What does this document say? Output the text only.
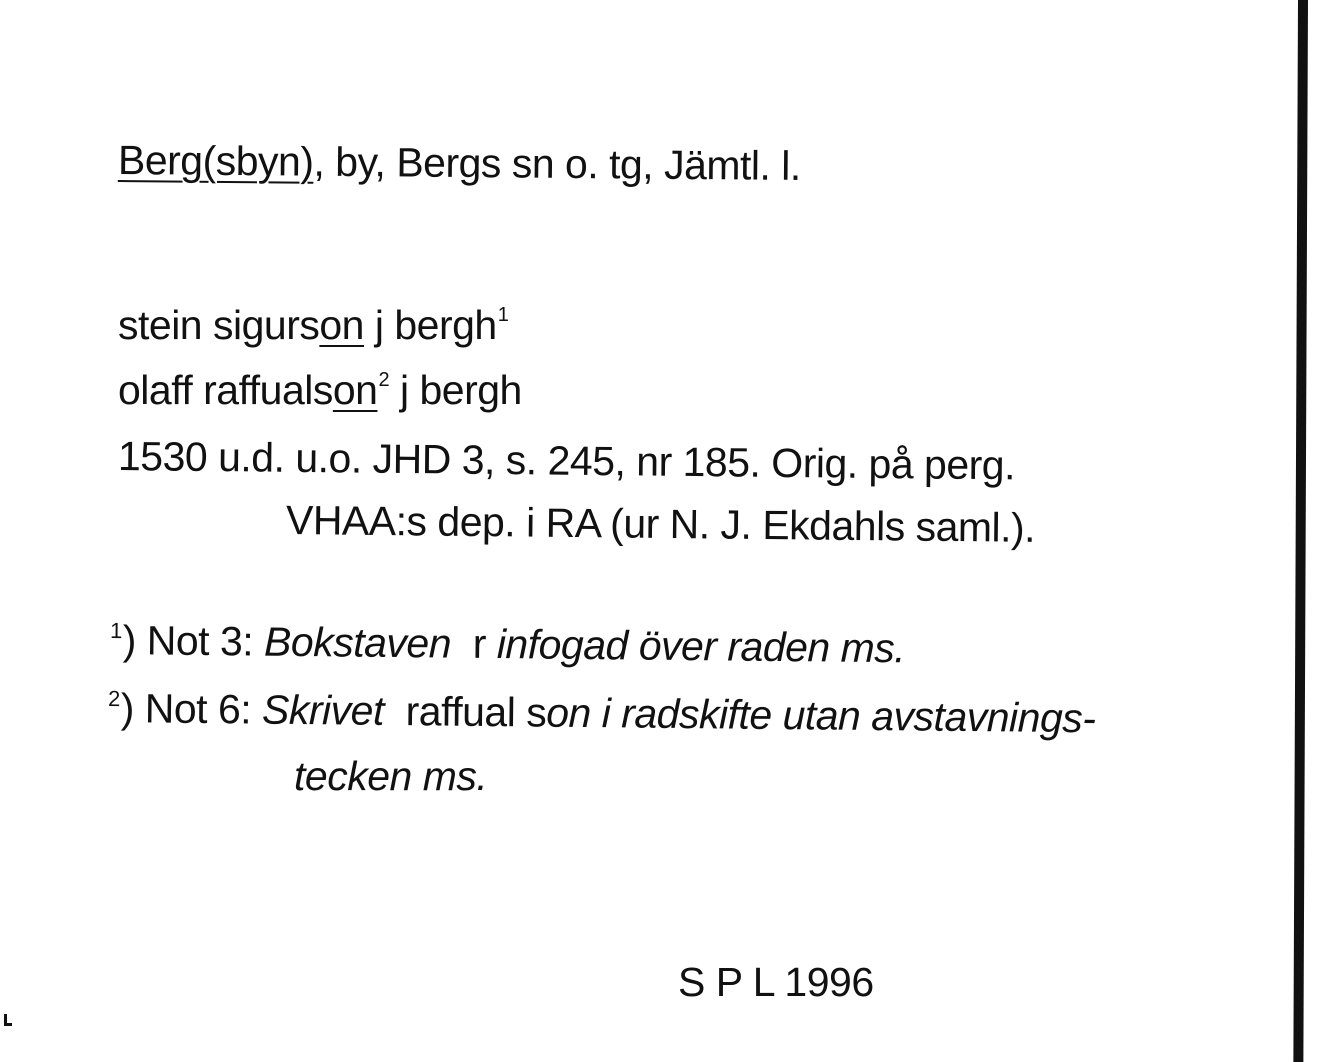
Berg(sbyn), by, Bergs sn o. tg, Jämtl. l.
stein sigurson j bergh$^1$
olaff raffualson$^2$ j bergh
1530 u.d. u.o. JHD 3, s. 245, nr 185. Orig. på perg.
VHAA:s dep. i RA (ur N. J. Ekdahls saml.).
$^1$) Not 3: Bokstaven  r infogad över raden ms.
$^2$) Not 6: Skrivet  raffual son i radskifte utan avstavnings-
tecken ms.
S P L 1996
